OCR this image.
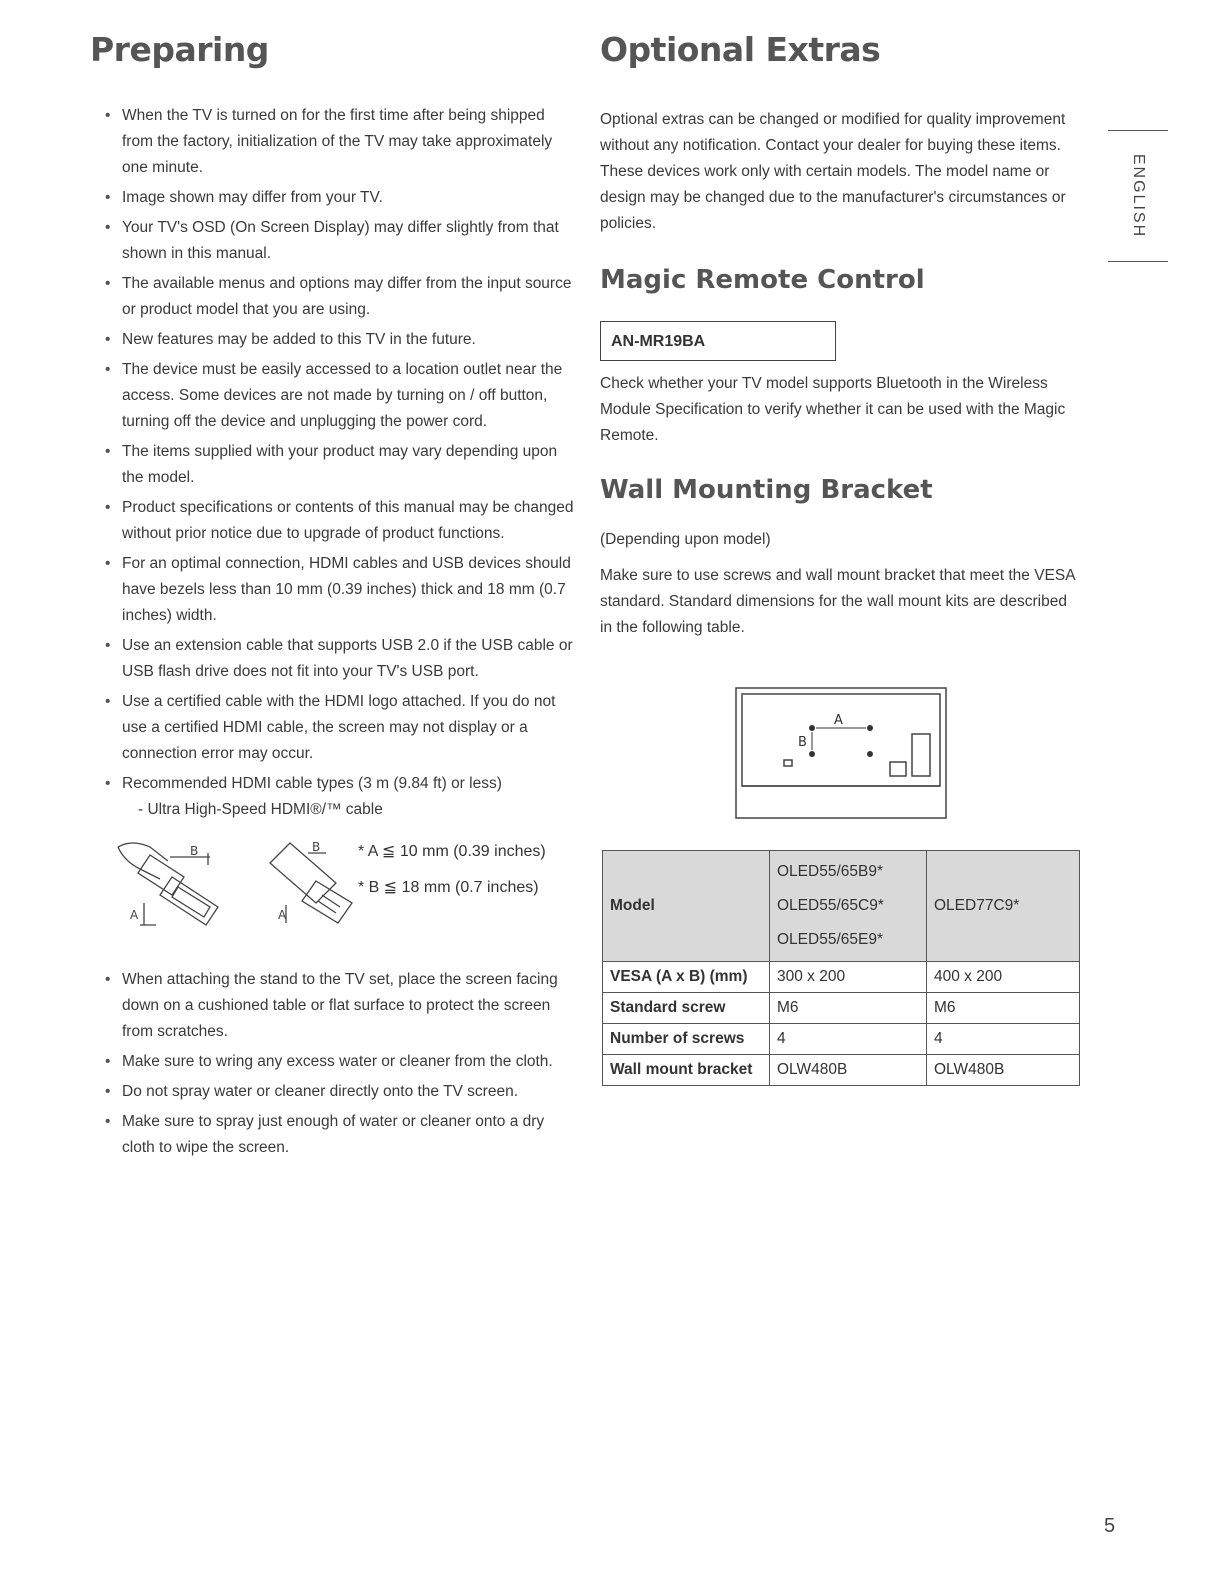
Preparing
• When the TV is turned on for the first time after being shipped from the factory, initialization of the TV may take approximately one minute.
• Image shown may differ from your TV.
• Your TV's OSD (On Screen Display) may differ slightly from that shown in this manual.
• The available menus and options may differ from the input source or product model that you are using.
• New features may be added to this TV in the future.
• The device must be easily accessed to a location outlet near the access. Some devices are not made by turning on / off button, turning off the device and unplugging the power cord.
• The items supplied with your product may vary depending upon the model.
• Product specifications or contents of this manual may be changed without prior notice due to upgrade of product functions.
• For an optimal connection, HDMI cables and USB devices should have bezels less than 10 mm (0.39 inches) thick and 18 mm (0.7 inches) width.
• Use an extension cable that supports USB 2.0 if the USB cable or USB flash drive does not fit into your TV's USB port.
• Use a certified cable with the HDMI logo attached. If you do not use a certified HDMI cable, the screen may not display or a connection error may occur.
• Recommended HDMI cable types (3 m (9.84 ft) or less)
- Ultra High-Speed HDMI®/™ cable
B
A
B
A
* A ≦ 10 mm (0.39 inches)
* B ≦ 18 mm (0.7 inches)
• When attaching the stand to the TV set, place the screen facing down on a cushioned table or flat surface to protect the screen from scratches.
• Make sure to wring any excess water or cleaner from the cloth.
• Do not spray water or cleaner directly onto the TV screen.
• Make sure to spray just enough of water or cleaner onto a dry cloth to wipe the screen.
Optional Extras

Optional extras can be changed or modified for quality improvement without any notification. Contact your dealer for buying these items. These devices work only with certain models. The model name or design may be changed due to the manufacturer's circumstances or policies.

Magic Remote Control
AN-MR19BA

Check whether your TV model supports Bluetooth in the Wireless Module Specification to verify whether it can be used with the Magic Remote.

Wall Mounting Bracket

(Depending upon model)

Make sure to use screws and wall mount bracket that meet the VESA standard. Standard dimensions for the wall mount kits are described in the following table.

A
B
Model	OLED55/65B9*
OLED55/65C9*
OLED55/65E9*	OLED77C9*
VESA (A x B) (mm)	300 x 200	400 x 200
Standard screw	M6	M6
Number of screws	4	4
Wall mount bracket	OLW480B	OLW480B
ENGLISH
5
